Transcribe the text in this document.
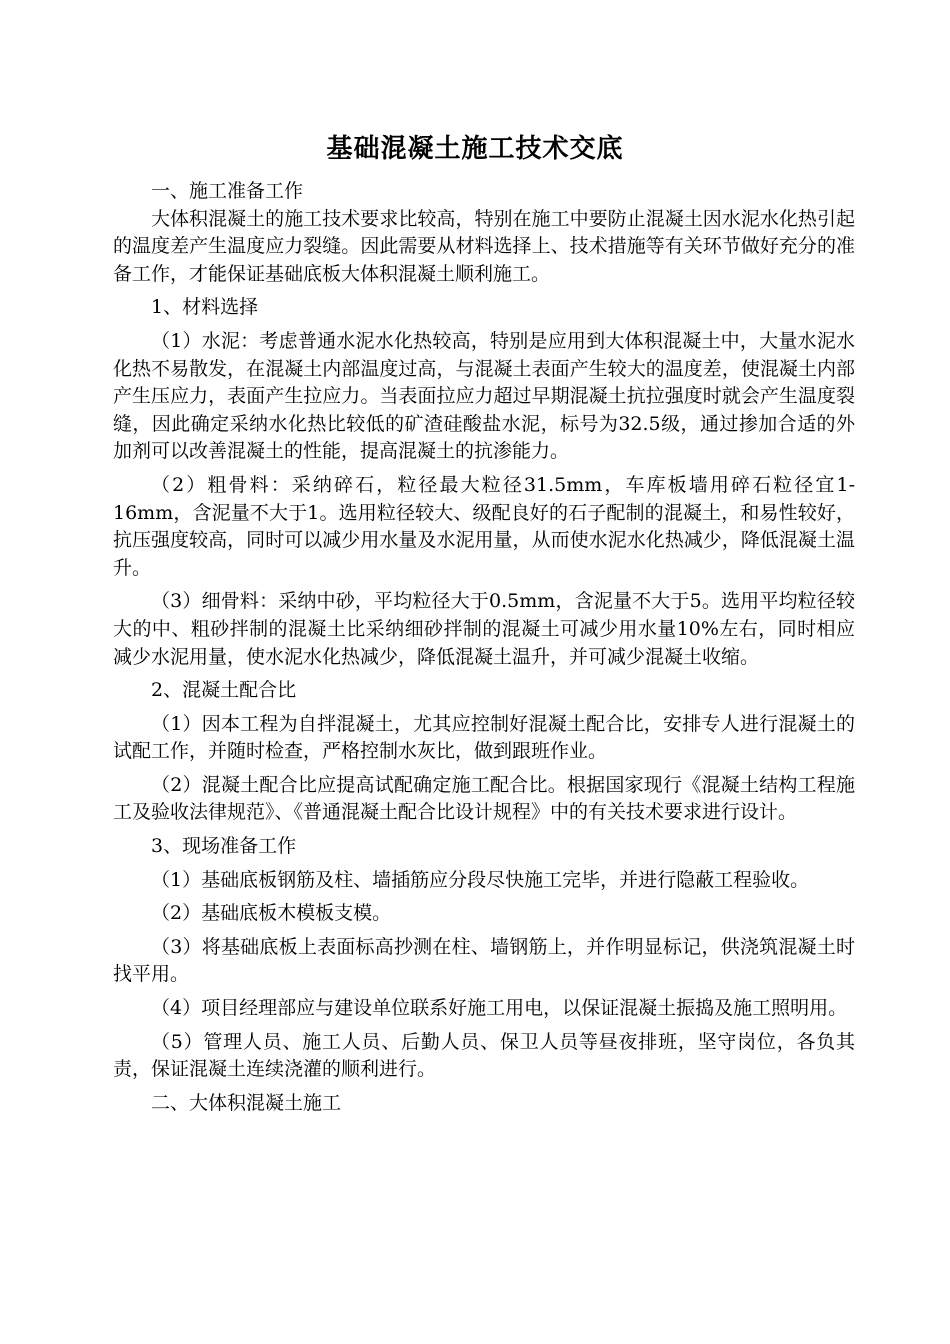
基础混凝土施工技术交底

一、施工准备工作

大体积混凝土的施工技术要求比较高，特别在施工中要防止混凝土因水泥水化热引起的温度差产生温度应力裂缝。因此需要从材料选择上、技术措施等有关环节做好充分的准备工作，才能保证基础底板大体积混凝土顺利施工。

1、材料选择

（1）水泥：考虑普通水泥水化热较高，特别是应用到大体积混凝土中，大量水泥水化热不易散发，在混凝土内部温度过高，与混凝土表面产生较大的温度差，使混凝土内部产生压应力，表面产生拉应力。当表面拉应力超过早期混凝土抗拉强度时就会产生温度裂缝，因此确定采纳水化热比较低的矿渣硅酸盐水泥，标号为32.5级，通过掺加合适的外加剂可以改善混凝土的性能，提高混凝土的抗渗能力。

（2）粗骨料：采纳碎石，粒径最大粒径31.5mm，车库板墙用碎石粒径宜1-16mm，含泥量不大于1。选用粒径较大、级配良好的石子配制的混凝土，和易性较好，抗压强度较高，同时可以减少用水量及水泥用量，从而使水泥水化热减少，降低混凝土温升。

（3）细骨料：采纳中砂，平均粒径大于0.5mm，含泥量不大于5。选用平均粒径较大的中、粗砂拌制的混凝土比采纳细砂拌制的混凝土可减少用水量10%左右，同时相应减少水泥用量，使水泥水化热减少，降低混凝土温升，并可减少混凝土收缩。

2、混凝土配合比

（1）因本工程为自拌混凝土，尤其应控制好混凝土配合比，安排专人进行混凝土的试配工作，并随时检查，严格控制水灰比，做到跟班作业。

（2）混凝土配合比应提高试配确定施工配合比。根据国家现行《混凝土结构工程施工及验收法律规范》、《普通混凝土配合比设计规程》中的有关技术要求进行设计。

3、现场准备工作

（1）基础底板钢筋及柱、墙插筋应分段尽快施工完毕，并进行隐蔽工程验收。

（2）基础底板木模板支模。

（3）将基础底板上表面标高抄测在柱、墙钢筋上，并作明显标记，供浇筑混凝土时找平用。

（4）项目经理部应与建设单位联系好施工用电，以保证混凝土振捣及施工照明用。

（5）管理人员、施工人员、后勤人员、保卫人员等昼夜排班，坚守岗位，各负其责，保证混凝土连续浇灌的顺利进行。

二、大体积混凝土施工
